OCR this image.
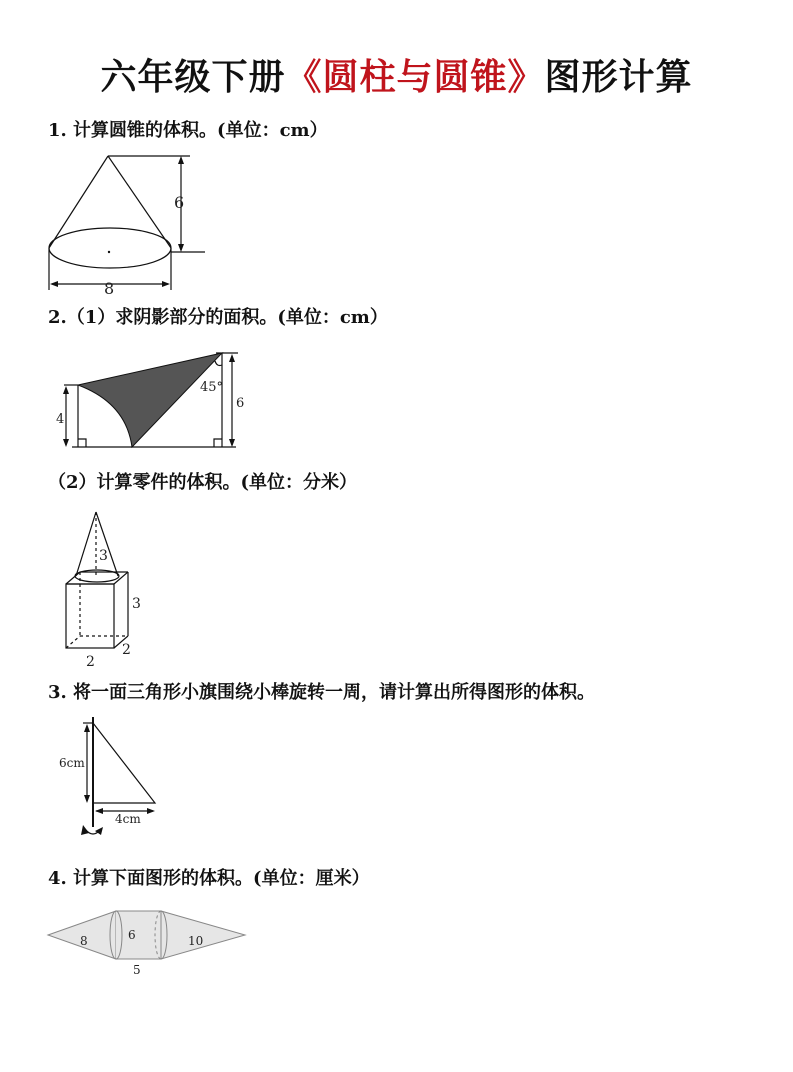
六年级下册《圆柱与圆锥》图形计算
1. 计算圆锥的体积。(单位：cm）
6
8
2.（1）求阴影部分的面积。(单位：cm）
4
45°
6
（2）计算零件的体积。(单位：分米）
3
3
2
2
3. 将一面三角形小旗围绕小棒旋转一周，请计算出所得图形的体积。
6cm
4cm
4. 计算下面图形的体积。(单位：厘米）
8	6	10
5
